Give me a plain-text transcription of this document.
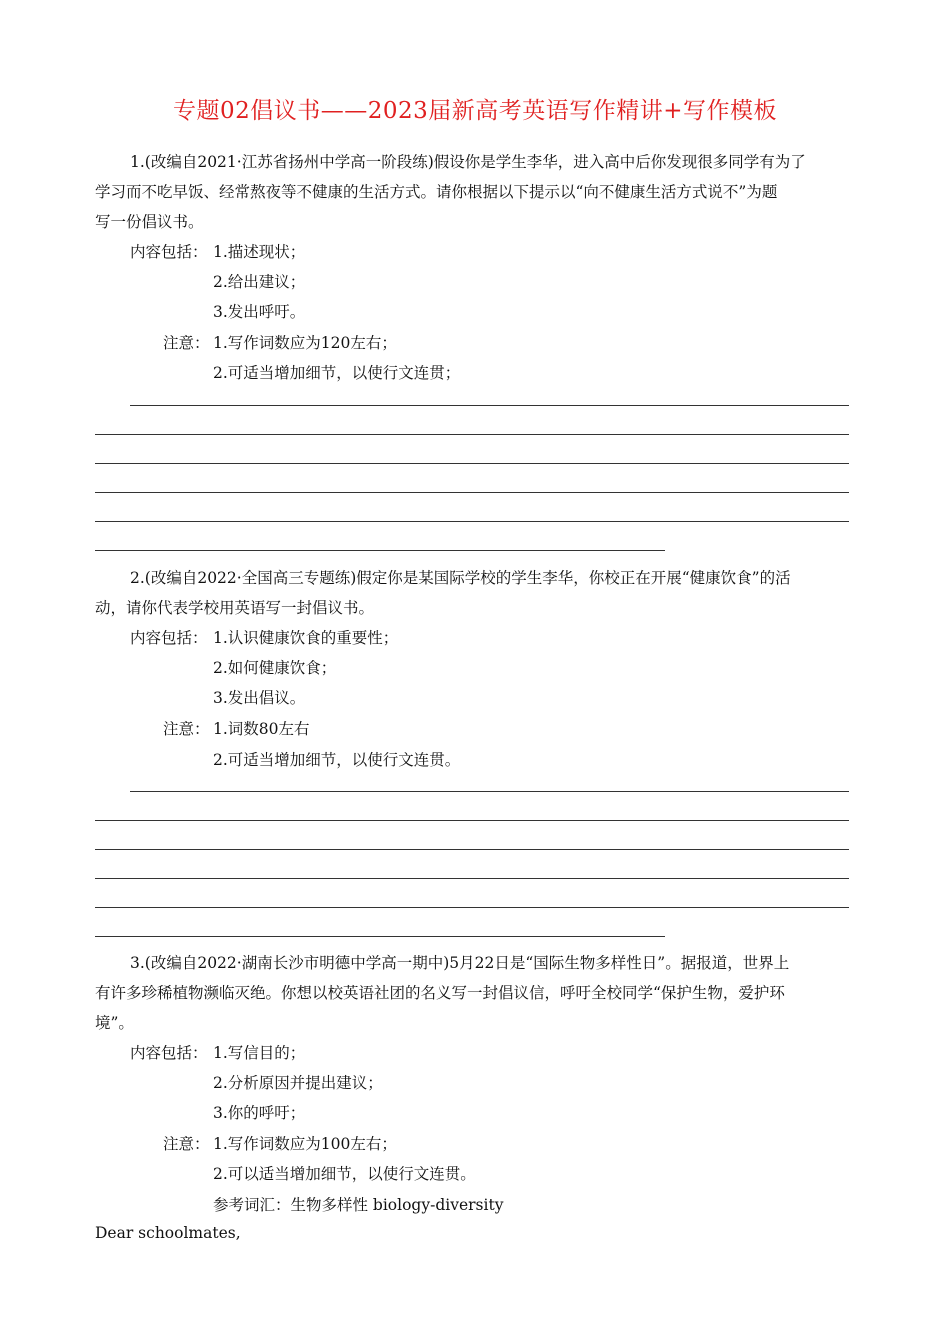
专题02倡议书——2023届新高考英语写作精讲+写作模板
1.(改编自2021·江苏省扬州中学高一阶段练)假设你是学生李华，进入高中后你发现很多同学有为了
学习而不吃早饭、经常熬夜等不健康的生活方式。请你根据以下提示以“向不健康生活方式说不”为题
写一份倡议书。
内容包括： 1.描述现状；
2.给出建议；
3.发出呼吁。
注意： 1.写作词数应为120左右；
2.可适当增加细节，以使行文连贯；
2.(改编自2022·全国高三专题练)假定你是某国际学校的学生李华，你校正在开展“健康饮食”的活
动，请你代表学校用英语写一封倡议书。
内容包括： 1.认识健康饮食的重要性；
2.如何健康饮食；
3.发出倡议。
注意： 1.词数80左右
2.可适当增加细节，以使行文连贯。
3.(改编自2022·湖南长沙市明德中学高一期中)5月22日是“国际生物多样性日”。据报道，世界上
有许多珍稀植物濒临灭绝。你想以校英语社团的名义写一封倡议信，呼吁全校同学“保护生物，爱护环
境”。
内容包括： 1.写信目的；
2.分析原因并提出建议；
3.你的呼吁；
注意： 1.写作词数应为100左右；
2.可以适当增加细节，以使行文连贯。
参考词汇：生物多样性 biology-diversity
Dear schoolmates,
